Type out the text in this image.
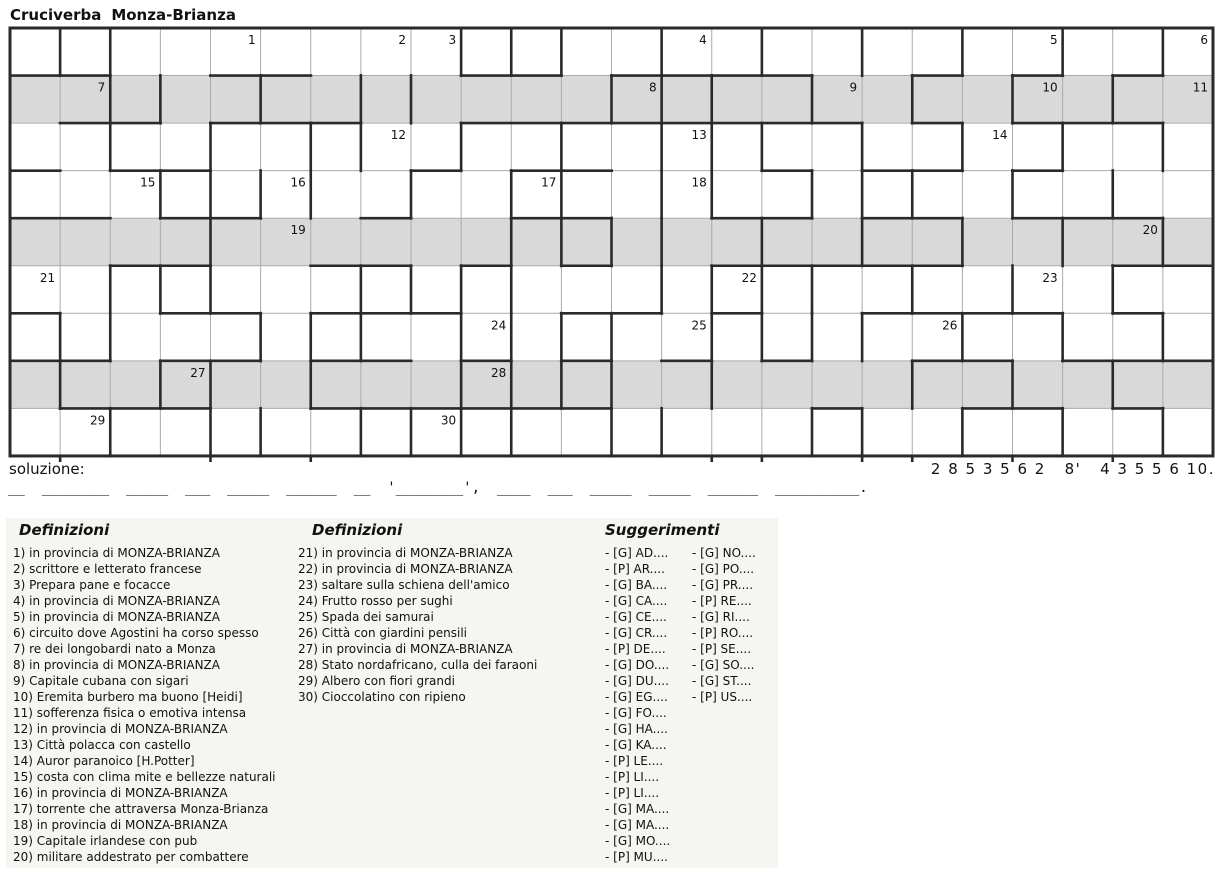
Cruciverba Monza-Brianza
1	2	3	4	5	6
7	8	9	10	11
12	13	14
15	16	17	18
19	20
21	22	23
24	25	26
27	28
29	30
soluzione:	2 8 5 3 5 6 2   8'   4 3 5 5 6 10.
__  ________  _____  ___  _____  ______  __  '________',  ____  ___  _____  _____  ______  __________.
Definizioni	Definizioni	Suggerimenti
1) in provincia di MONZA-BRIANZA
2) scrittore e letterato francese
3) Prepara pane e focacce
4) in provincia di MONZA-BRIANZA
5) in provincia di MONZA-BRIANZA
6) circuito dove Agostini ha corso spesso
7) re dei longobardi nato a Monza
8) in provincia di MONZA-BRIANZA
9) Capitale cubana con sigari
10) Eremita burbero ma buono [Heidi]
11) sofferenza fisica o emotiva intensa
12) in provincia di MONZA-BRIANZA
13) Città polacca con castello
14) Auror paranoico [H.Potter]
15) costa con clima mite e bellezze naturali
16) in provincia di MONZA-BRIANZA
17) torrente che attraversa Monza-Brianza
18) in provincia di MONZA-BRIANZA
19) Capitale irlandese con pub
20) militare addestrato per combattere
21) in provincia di MONZA-BRIANZA
22) in provincia di MONZA-BRIANZA
23) saltare sulla schiena dell'amico
24) Frutto rosso per sughi
25) Spada dei samurai
26) Città con giardini pensili
27) in provincia di MONZA-BRIANZA
28) Stato nordafricano, culla dei faraoni
29) Albero con fiori grandi
30) Cioccolatino con ripieno
- [G] AD....
- [P] AR....
- [G] BA....
- [G] CA....
- [G] CE....
- [G] CR....
- [P] DE....
- [G] DO....
- [G] DU....
- [G] EG....
- [G] FO....
- [G] HA....
- [G] KA....
- [P] LE....
- [P] LI....
- [P] LI....
- [G] MA....
- [G] MA....
- [G] MO....
- [P] MU....
- [G] NO....
- [G] PO....
- [G] PR....
- [P] RE....
- [G] RI....
- [P] RO....
- [P] SE....
- [G] SO....
- [G] ST....
- [P] US....
